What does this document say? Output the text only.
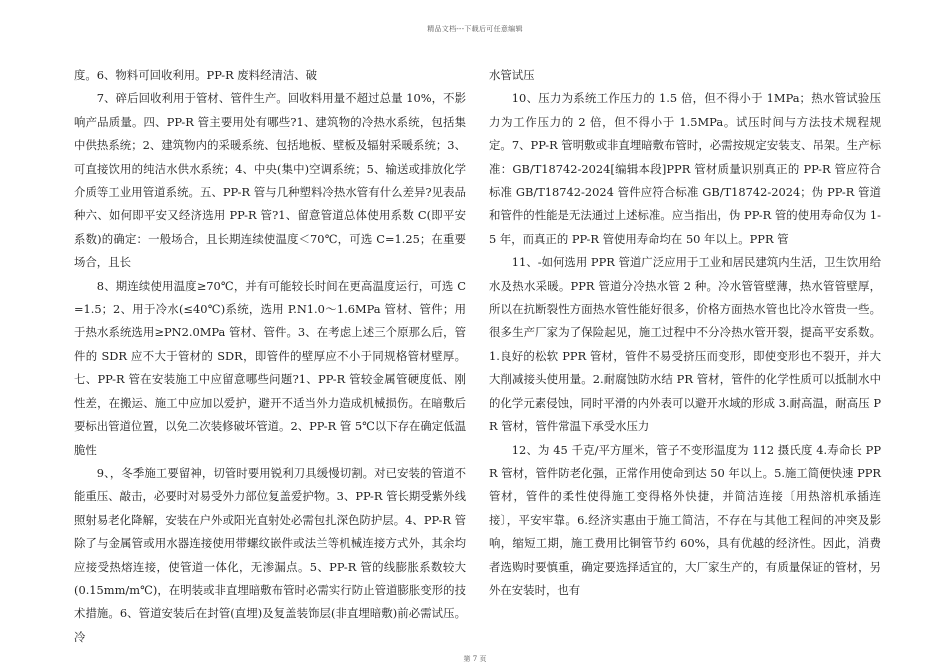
精品文档---下载后可任意编辑

度。6、物料可回收利用。PP-R 废料经清洁、破

7、碎后回收利用于管材、管件生产。回收料用量不超过总量 10%，不影响产品质量。四、PP-R 管主要用处有哪些?1、建筑物的冷热水系统，包括集中供热系统；2、建筑物内的采暖系统、包括地板、壁板及辐射采暖系统；3、可直接饮用的纯洁水供水系统；4、中央(集中)空调系统；5、输送或排放化学介质等工业用管道系统。五、PP-R 管与几种塑料冷热水管有什么差异?见表品种六、如何即平安又经济选用 PP-R 管?1、留意管道总体使用系数 C(即平安系数)的确定：一般场合，且长期连续使温度＜70℃，可选 C=1.25；在重要场合，且长

8、期连续使用温度≥70℃，并有可能较长时间在更高温度运行，可选 C=1.5；2、用于冷水(≤40℃)系统，选用 P.N1.0～1.6MPa 管材、管件；用于热水系统选用≥PN2.0MPa 管材、管件。3、在考虑上述三个原那么后，管件的 SDR 应不大于管材的 SDR，即管件的壁厚应不小于同规格管材壁厚。七、PP-R 管在安装施工中应留意哪些问题?1、PP-R 管较金属管硬度低、刚性差，在搬运、施工中应加以爱护，避开不适当外力造成机械损伤。在暗敷后要标出管道位置，以免二次装修破坏管道。2、PP-R 管 5℃以下存在确定低温脆性

9、，冬季施工要留神，切管时要用锐利刀具缓慢切割。对已安装的管道不能重压、敲击，必要时对易受外力部位复盖爱护物。3、PP-R 管长期受紫外线照射易老化降解，安装在户外或阳光直射处必需包扎深色防护层。4、PP-R 管除了与金属管或用水器连接使用带螺纹嵌件或法兰等机械连接方式外，其余均应接受热熔连接，使管道一体化，无渗漏点。5、PP-R 管的线膨胀系数较大(0.15mm/m℃)，在明装或非直埋暗敷布管时必需实行防止管道膨胀变形的技术措施。6、管道安装后在封管(直埋)及复盖装饰层(非直埋暗敷)前必需试压。冷

水管试压

10、压力为系统工作压力的 1.5 倍，但不得小于 1MPa；热水管试验压力为工作压力的 2 倍，但不得小于 1.5MPa。试压时间与方法技术规程规定。7、PP-R 管明敷或非直埋暗敷布管时，必需按规定安装支、吊架。生产标准：GB/T18742-2024[编辑本段]PPR 管材质量识别真正的 PP-R 管应符合标准 GB/T18742-2024 管件应符合标准 GB/T18742-2024；伪 PP-R 管道和管件的性能是无法通过上述标准。应当指出，伪 PP-R 管的使用寿命仅为 1-5 年，而真正的 PP-R 管使用寿命均在 50 年以上。PPR 管

11、-如何选用 PPR 管道广泛应用于工业和居民建筑内生活，卫生饮用给水及热水采暖。PPR 管道分冷热水管 2 种。冷水管管壁薄，热水管管壁厚，所以在抗断裂性方面热水管性能好很多，价格方面热水管也比冷水管贵一些。很多生产厂家为了保险起见，施工过程中不分冷热水管开裂，提高平安系数。1.良好的松软 PPR 管材，管件不易受挤压而变形，即使变形也不裂开，并大大削减接头使用量。2.耐腐蚀防水结 PR 管材，管件的化学性质可以抵制水中的化学元素侵蚀，同时平滑的内外表可以避开水域的形成 3.耐高温，耐高压 PR 管材，管件常温下承受水压力

12、为 45 千克/平方厘米，管子不变形温度为 112 摄氏度 4.寿命长 PPR 管材，管件防老化强，正常作用使命到达 50 年以上。5.施工简便快速 PPR 管材，管件的柔性使得施工变得格外快捷，并简洁连接〔用热溶机承插连接〕，平安牢靠。6.经济实惠由于施工简洁，不存在与其他工程间的冲突及影响，缩短工期，施工费用比铜管节约 60%，具有优越的经济性。因此，消费者选购时要慎重，确定要选择适宜的，大厂家生产的，有质量保证的管材，另外在安装时，也有

第 7 页
